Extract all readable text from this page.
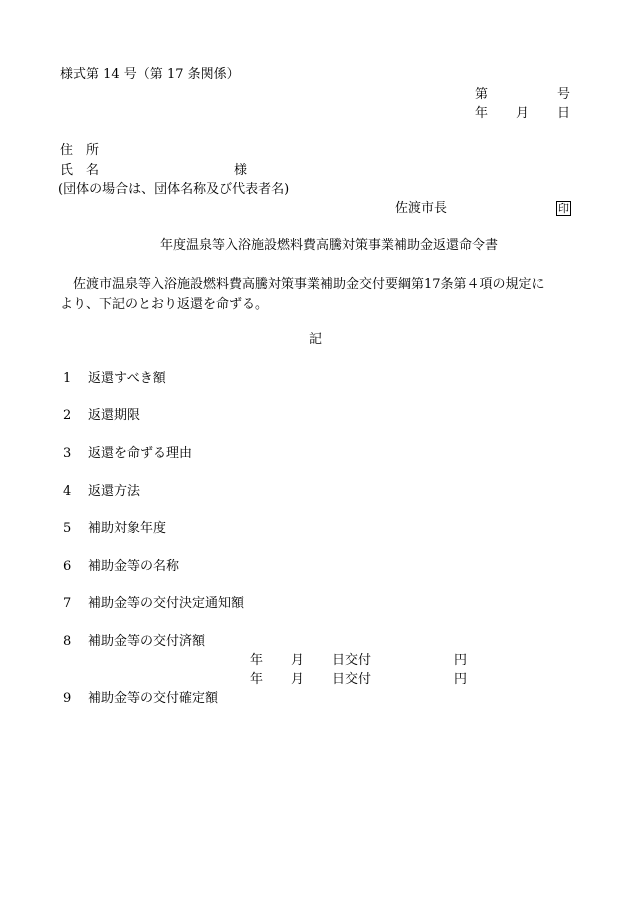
様式第 14 号（第 17 条関係）
第	号
年 月 日
住　所
氏　名	様
(団体の場合は、団体名称及び代表者名)
佐渡市長	印
年度温泉等入浴施設燃料費高騰対策事業補助金返還命令書

佐渡市温泉等入浴施設燃料費高騰対策事業補助金交付要綱第17条第４項の規定に

より、下記のとおり返還を命ずる。

記
1 返還すべき額
2 返還期限
3 返還を命ずる理由
4 返還方法
5 補助対象年度
6 補助金等の名称
7 補助金等の交付決定通知額
8 補助金等の交付済額
年 月 日交付	円
年 月 日交付	円
9 補助金等の交付確定額
